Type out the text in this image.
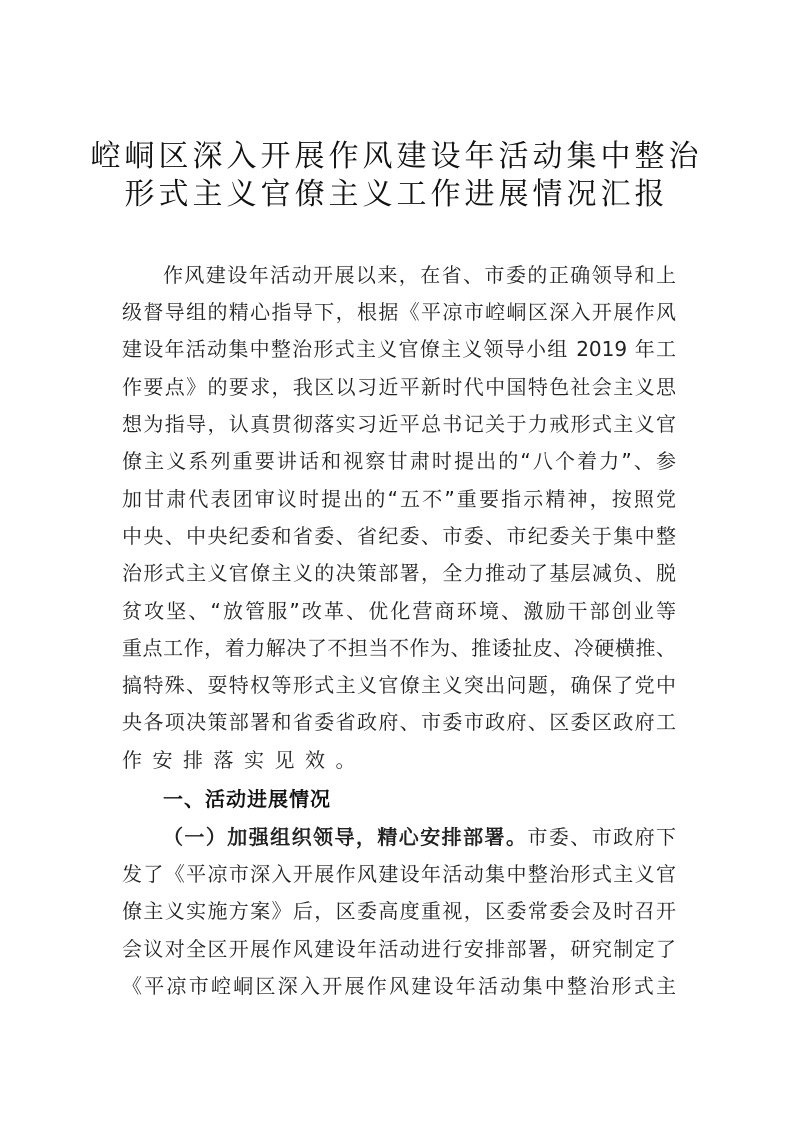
崆峒区深入开展作风建设年活动集中整治
形式主义官僚主义工作进展情况汇报
作风建设年活动开展以来，在省、市委的正确领导和上
级督导组的精心指导下，根据《平凉市崆峒区深入开展作风
建设年活动集中整治形式主义官僚主义领导小组 2019 年工
作要点》的要求，我区以习近平新时代中国特色社会主义思
想为指导，认真贯彻落实习近平总书记关于力戒形式主义官
僚主义系列重要讲话和视察甘肃时提出的“八个着力”、参
加甘肃代表团审议时提出的“五不”重要指示精神，按照党
中央、中央纪委和省委、省纪委、市委、市纪委关于集中整
治形式主义官僚主义的决策部署，全力推动了基层减负、脱
贫攻坚、“放管服”改革、优化营商环境、激励干部创业等
重点工作，着力解决了不担当不作为、推诿扯皮、冷硬横推、
搞特殊、耍特权等形式主义官僚主义突出问题，确保了党中
央各项决策部署和省委省政府、市委市政府、区委区政府工
作安排落实见效。
一、活动进展情况
（一）加强组织领导，精心安排部署。市委、市政府下
发了《平凉市深入开展作风建设年活动集中整治形式主义官
僚主义实施方案》后，区委高度重视，区委常委会及时召开
会议对全区开展作风建设年活动进行安排部署，研究制定了
《平凉市崆峒区深入开展作风建设年活动集中整治形式主
